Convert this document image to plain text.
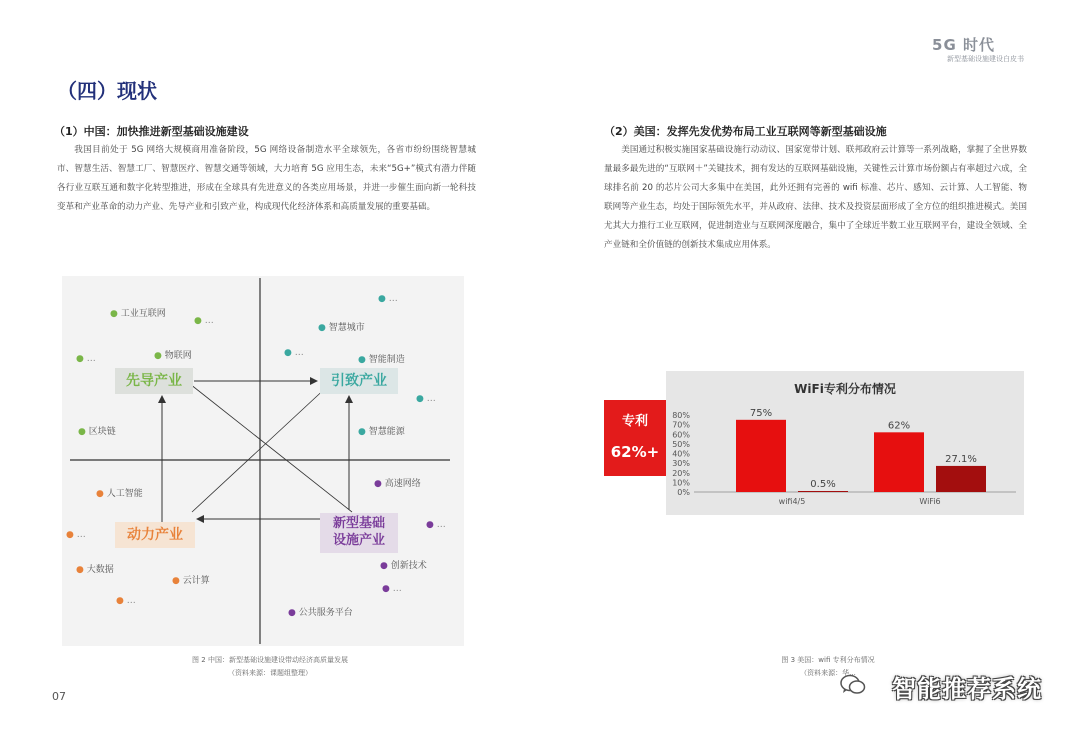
5G 时代
新型基础设施建设白皮书
（四）现状
（1）中国：加快推进新型基础设施建设

我国目前处于 5G 网络大规模商用准备阶段，5G 网络设备制造水平全球领先，各省市纷纷围绕智慧城市、智慧生活、智慧工厂、智慧医疗、智慧交通等领域，大力培育 5G 应用生态，未来“5G+”模式有潜力伴随各行业互联互通和数字化转型推进，形成在全球具有先进意义的各类应用场景，并进一步催生面向新一轮科技变革和产业革命的动力产业、先导产业和引致产业，构成现代化经济体系和高质量发展的重要基础。

（2）美国：发挥先发优势布局工业互联网等新型基础设施

美国通过积极实施国家基础设施行动动议、国家宽带计划、联邦政府云计算等一系列战略，掌握了全世界数量最多最先进的“互联网＋”关键技术，拥有发达的互联网基础设施，关键性云计算市场份额占有率超过六成，全球排名前 20 的芯片公司大多集中在美国，此外还拥有完善的 wifi 标准、芯片、感知、云计算、人工智能、物联网等产业生态，均处于国际领先水平，并从政府、法律、技术及投资层面形成了全方位的组织推进模式。美国尤其大力推行工业互联网，促进制造业与互联网深度融合，集中了全球近半数工业互联网平台，建设全领域、全产业链和全价值链的创新技术集成应用体系。

先导产业	引致产业
动力产业
新型基础
设施产业
● 工业互联网
● 物联网
● 区块链
● …
● …
● 智慧城市
● 智能制造
● 智慧能源
● …
● …
● …
● 人工智能
● 大数据
● 云计算
● …
● …
● 高速网络
● 创新技术
● 公共服务平台
● …
● …
图 2 中国：新型基础设施建设带动经济高质量发展
（资料来源：课题组整理）
07
专利
62%+
WiFi专利分布情况
80%
70%
60%
50%
40%
30%
20%
10%
0%
wifi4/5
75%
0.5%
WiFi6
62%
27.1%
图 3 美国：wifi 专利分布情况
（资料来源：华...
智能推荐系统
